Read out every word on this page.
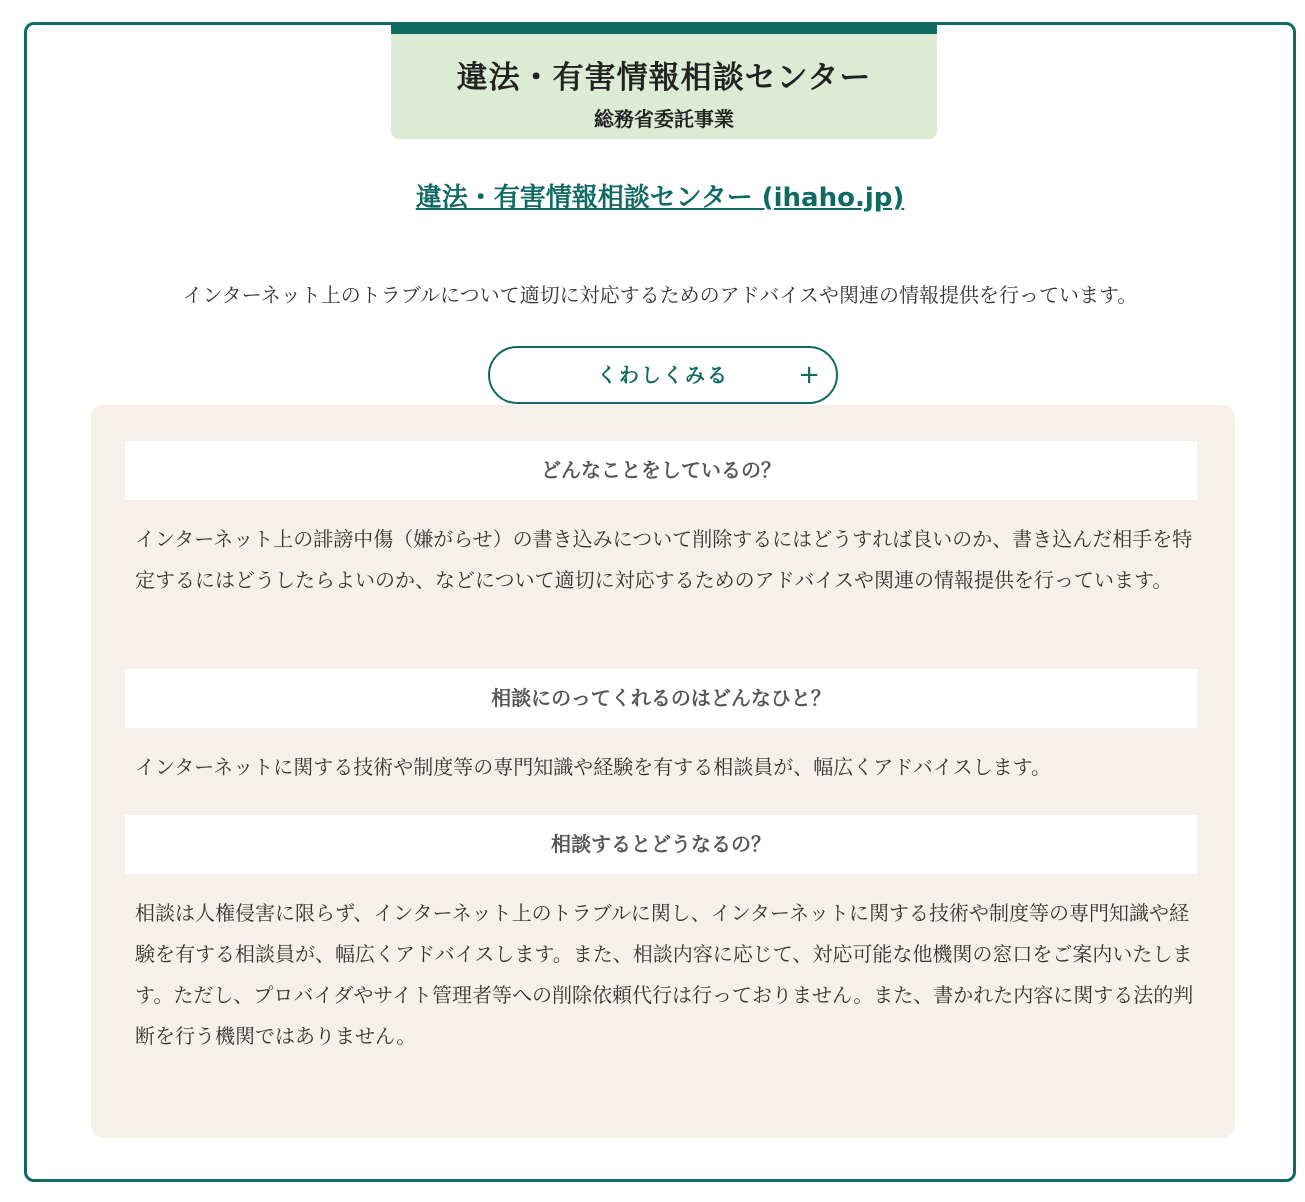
違法・有害情報相談センター
総務省委託事業
違法・有害情報相談センター (ihaho.jp)
インターネット上のトラブルについて適切に対応するためのアドバイスや関連の情報提供を行っています。
くわしくみる	+
どんなことをしているの？
インターネット上の誹謗中傷（嫌がらせ）の書き込みについて削除するにはどうすれば良いのか、書き込んだ相手を特定するにはどうしたらよいのか、などについて適切に対応するためのアドバイスや関連の情報提供を行っています。
相談にのってくれるのはどんなひと？
インターネットに関する技術や制度等の専門知識や経験を有する相談員が、幅広くアドバイスします。
相談するとどうなるの？
相談は人権侵害に限らず、インターネット上のトラブルに関し、インターネットに関する技術や制度等の専門知識や経験を有する相談員が、幅広くアドバイスします。また、相談内容に応じて、対応可能な他機関の窓口をご案内いたします。ただし、プロバイダやサイト管理者等への削除依頼代行は行っておりません。また、書かれた内容に関する法的判断を行う機関ではありません。
